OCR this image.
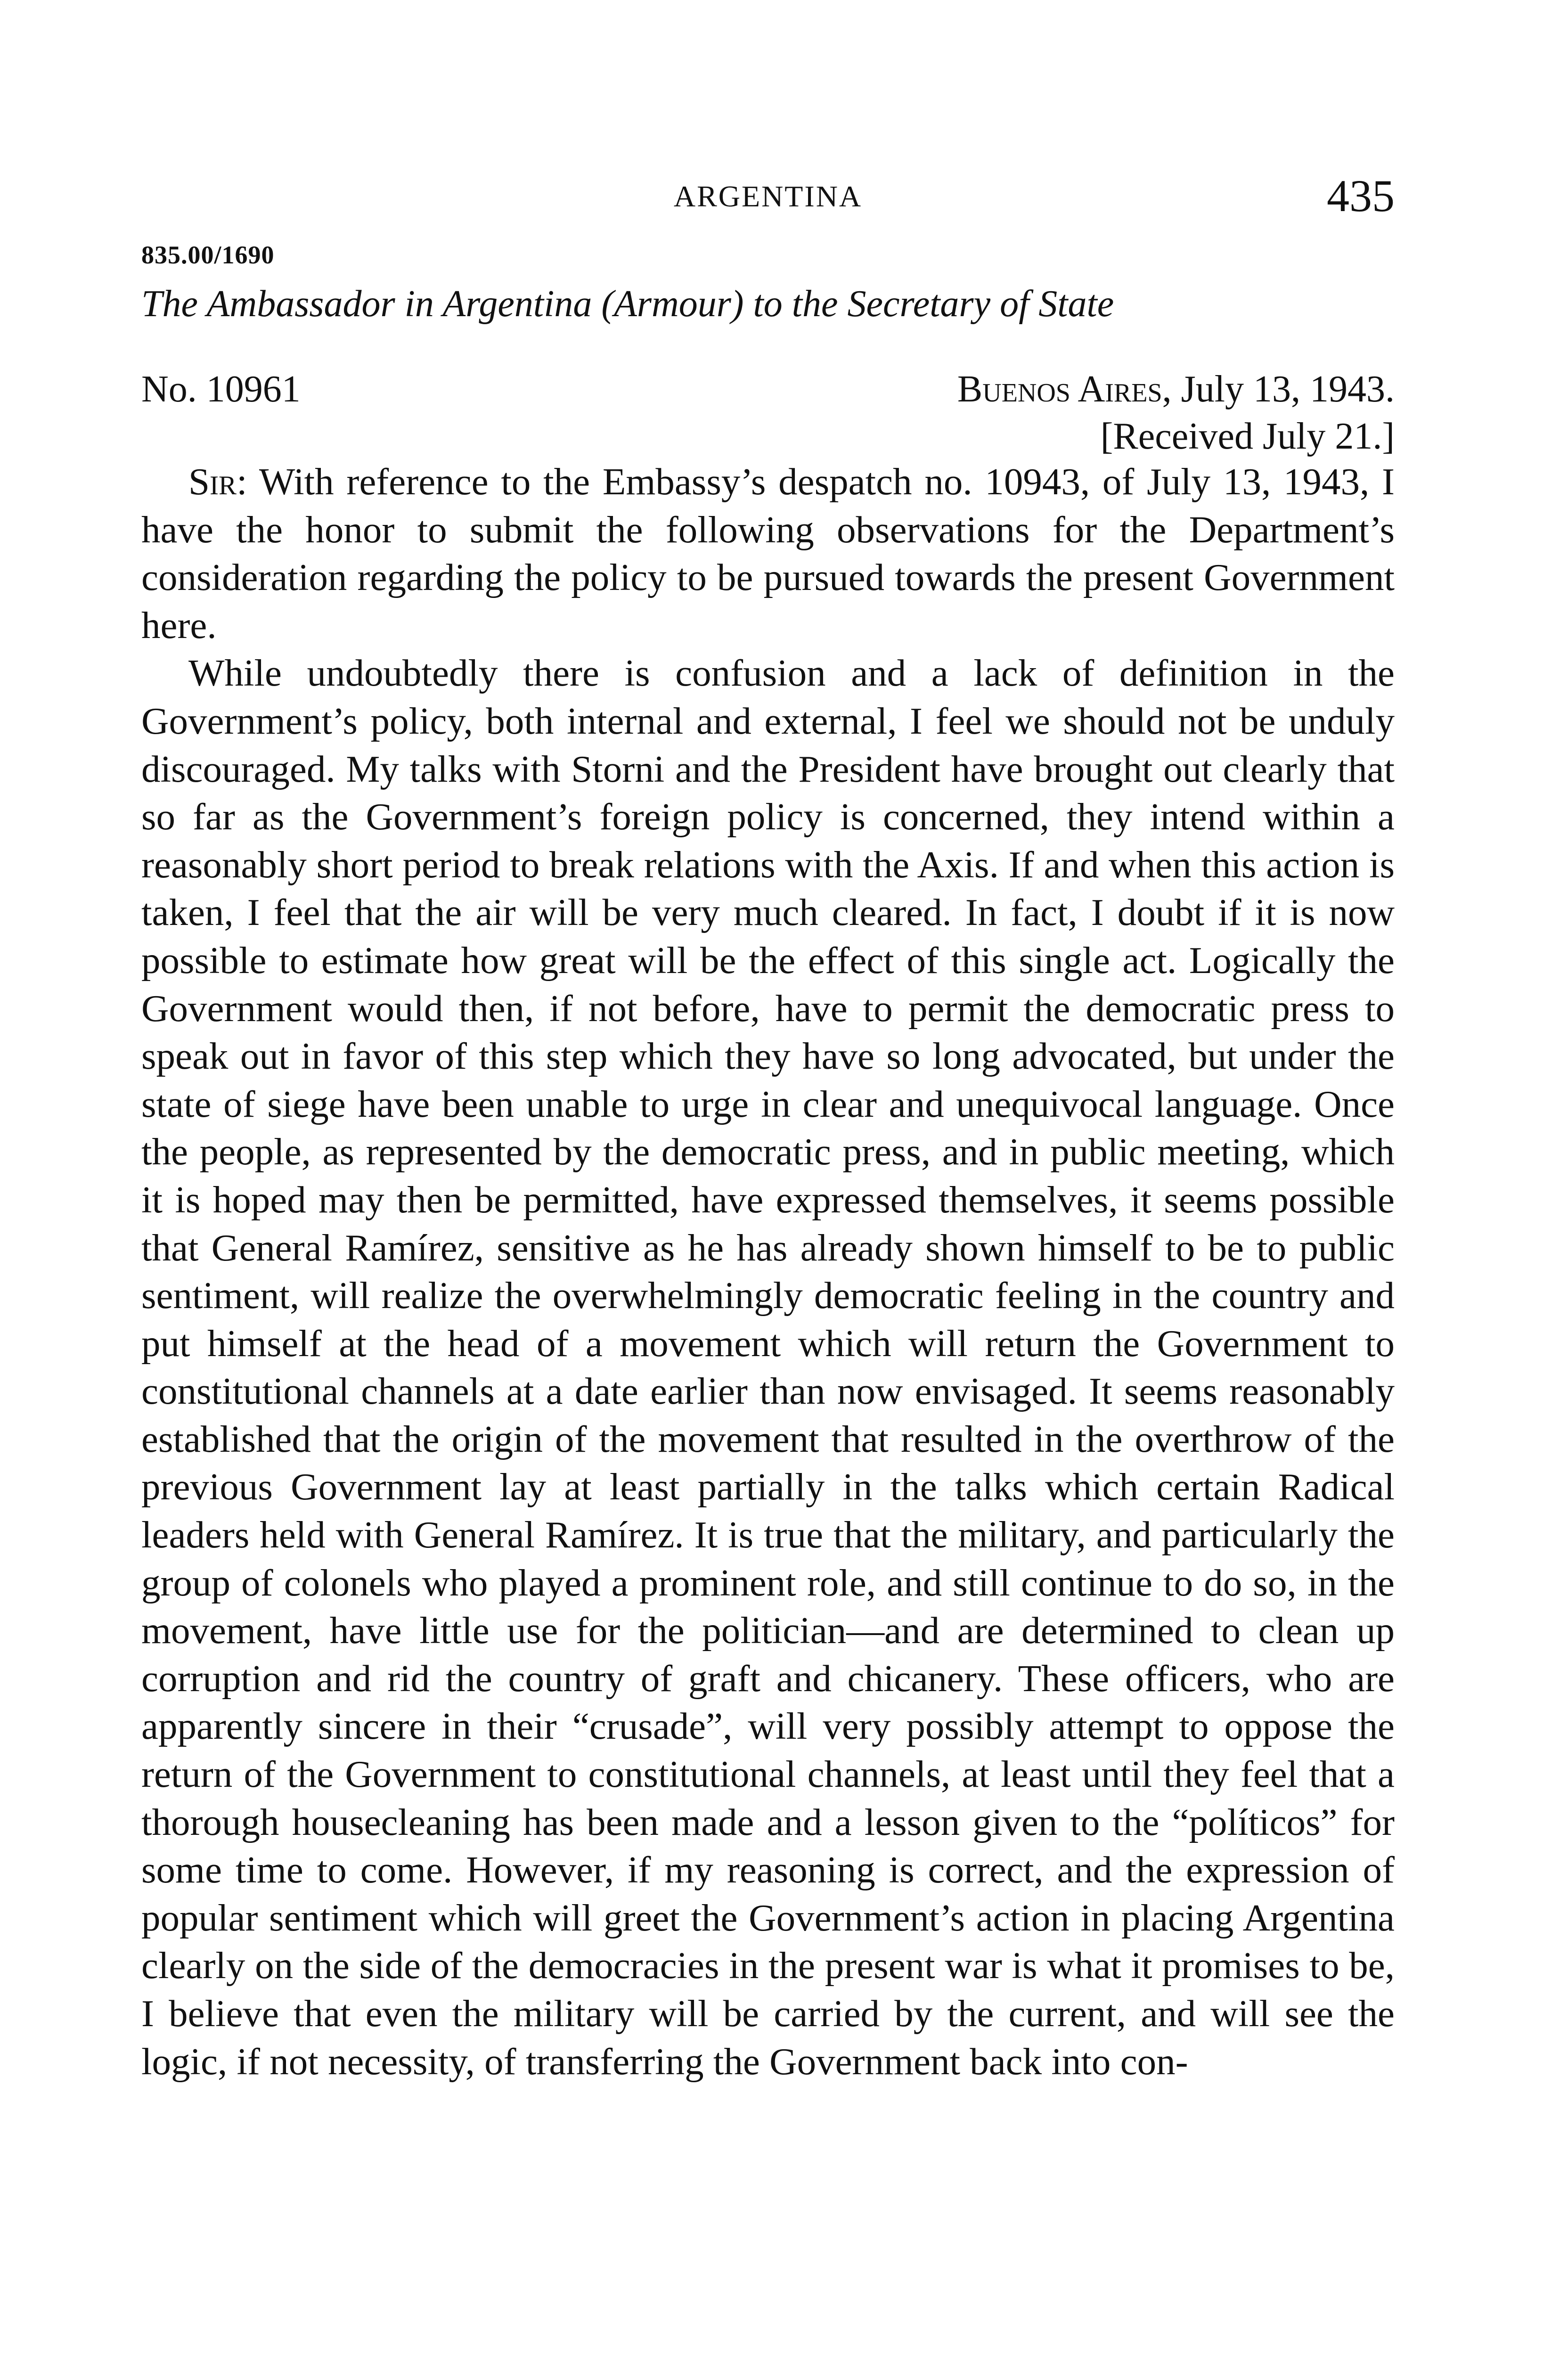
ARGENTINA	435
835.00/1690
The Ambassador in Argentina (Armour) to the Secretary of State
No. 10961	Buenos Aires, July 13, 1943.
[Received July 21.]

Sir: With reference to the Embassy’s despatch no. 10943, of July 13, 1943, I have the honor to submit the following observations for the Department’s consideration regarding the policy to be pursued towards the present Government here.

While undoubtedly there is confusion and a lack of definition in the Government’s policy, both internal and external, I feel we should not be unduly discouraged. My talks with Storni and the President have brought out clearly that so far as the Government’s foreign policy is concerned, they intend within a reasonably short period to break relations with the Axis. If and when this action is taken, I feel that the air will be very much cleared. In fact, I doubt if it is now possible to estimate how great will be the effect of this single act. Logically the Government would then, if not before, have to permit the democratic press to speak out in favor of this step which they have so long advocated, but under the state of siege have been unable to urge in clear and unequivocal language. Once the people, as represented by the democratic press, and in public meeting, which it is hoped may then be permitted, have expressed themselves, it seems possible that General Ramírez, sensitive as he has already shown himself to be to public sentiment, will realize the overwhelmingly democratic feeling in the country and put himself at the head of a movement which will return the Government to constitutional channels at a date earlier than now envisaged. It seems reasonably established that the origin of the movement that resulted in the overthrow of the previous Government lay at least partially in the talks which certain Radical leaders held with General Ramírez. It is true that the military, and particularly the group of colonels who played a prominent role, and still continue to do so, in the movement, have little use for the politician—and are determined to clean up corruption and rid the country of graft and chicanery. These officers, who are apparently sincere in their “crusade”, will very possibly attempt to oppose the return of the Government to constitutional channels, at least until they feel that a thorough housecleaning has been made and a lesson given to the “políticos” for some time to come. However, if my reasoning is correct, and the expression of popular sentiment which will greet the Government’s action in placing Argentina clearly on the side of the democracies in the present war is what it promises to be, I believe that even the military will be carried by the current, and will see the logic, if not necessity, of transferring the Government back into con-
